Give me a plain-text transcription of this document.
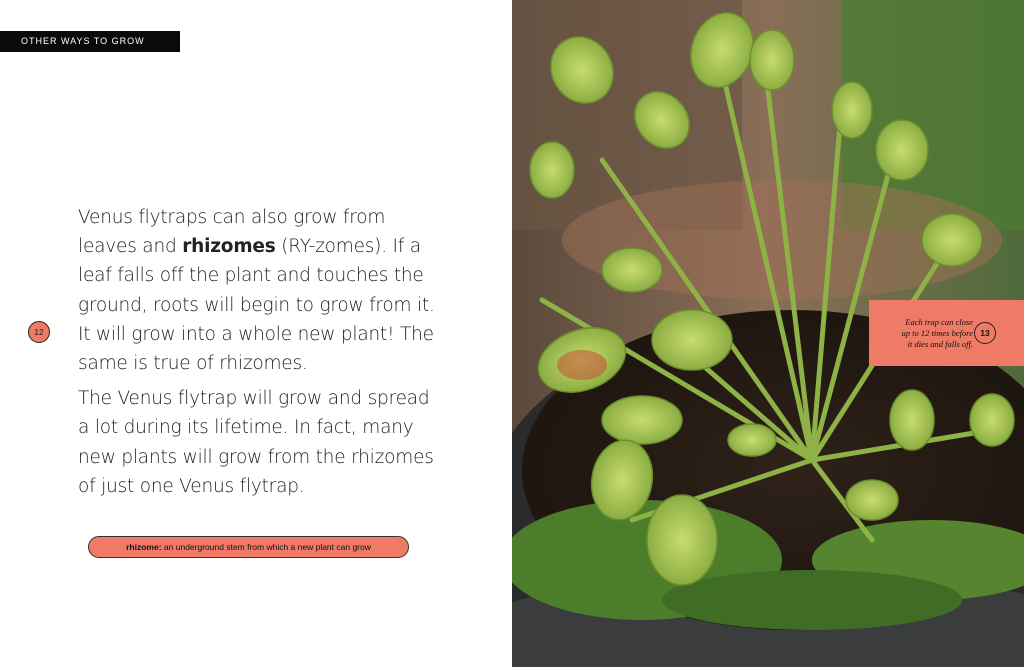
OTHER WAYS TO GROW

Venus flytraps can also grow from leaves and rhizomes (RY-zomes). If a leaf falls off the plant and touches the ground, roots will begin to grow from it. It will grow into a whole new plant! The same is true of rhizomes.

The Venus flytrap will grow and spread a lot during its lifetime. In fact, many new plants will grow from the rhizomes of just one Venus flytrap.

12
rhizome: an underground stem from which a new plant can grow
Each trap can close
up to 12 times before
it dies and falls off.
13
